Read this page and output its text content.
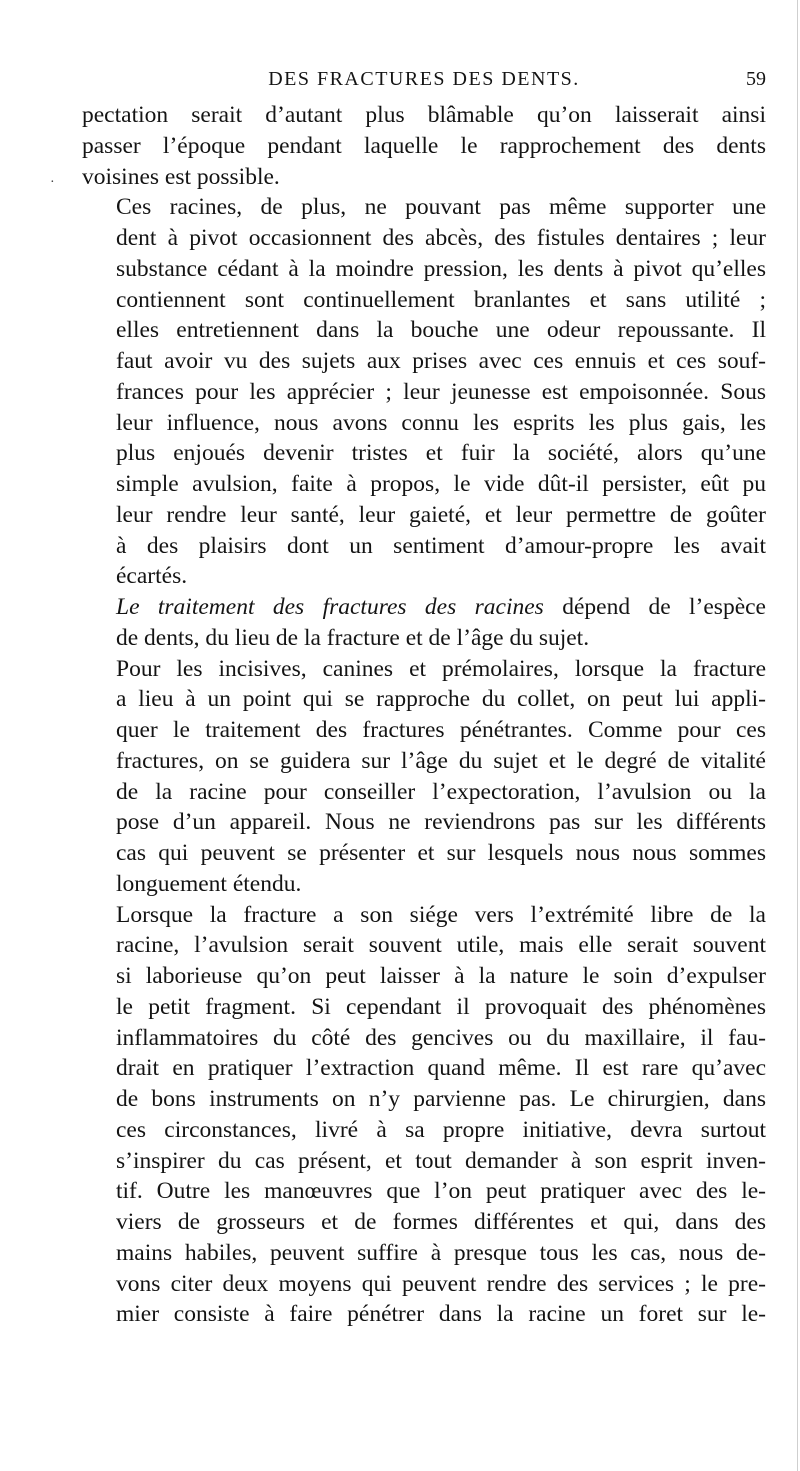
·
DES FRACTURES DES DENTS.	59
pectation serait d’autant plus blâmable qu’on laisserait ainsi
passer l’époque pendant laquelle le rapprochement des dents
voisines est possible.
Ces racines, de plus, ne pouvant pas même supporter une
dent à pivot occasionnent des abcès, des fistules dentaires ; leur
substance cédant à la moindre pression, les dents à pivot qu’elles
contiennent sont continuellement branlantes et sans utilité ;
elles entretiennent dans la bouche une odeur repoussante. Il
faut avoir vu des sujets aux prises avec ces ennuis et ces souf-
frances pour les apprécier ; leur jeunesse est empoisonnée. Sous
leur influence, nous avons connu les esprits les plus gais, les
plus enjoués devenir tristes et fuir la société, alors qu’une
simple avulsion, faite à propos, le vide dût-il persister, eût pu
leur rendre leur santé, leur gaieté, et leur permettre de goûter
à des plaisirs dont un sentiment d’amour-propre les avait
écartés.
Le traitement des fractures des racines dépend de l’espèce
de dents, du lieu de la fracture et de l’âge du sujet.
Pour les incisives, canines et prémolaires, lorsque la fracture
a lieu à un point qui se rapproche du collet, on peut lui appli-
quer le traitement des fractures pénétrantes. Comme pour ces
fractures, on se guidera sur l’âge du sujet et le degré de vitalité
de la racine pour conseiller l’expectoration, l’avulsion ou la
pose d’un appareil. Nous ne reviendrons pas sur les différents
cas qui peuvent se présenter et sur lesquels nous nous sommes
longuement étendu.
Lorsque la fracture a son siége vers l’extrémité libre de la
racine, l’avulsion serait souvent utile, mais elle serait souvent
si laborieuse qu’on peut laisser à la nature le soin d’expulser
le petit fragment. Si cependant il provoquait des phénomènes
inflammatoires du côté des gencives ou du maxillaire, il fau-
drait en pratiquer l’extraction quand même. Il est rare qu’avec
de bons instruments on n’y parvienne pas. Le chirurgien, dans
ces circonstances, livré à sa propre initiative, devra surtout
s’inspirer du cas présent, et tout demander à son esprit inven-
tif. Outre les manœuvres que l’on peut pratiquer avec des le-
viers de grosseurs et de formes différentes et qui, dans des
mains habiles, peuvent suffire à presque tous les cas, nous de-
vons citer deux moyens qui peuvent rendre des services ; le pre-
mier consiste à faire pénétrer dans la racine un foret sur le-
